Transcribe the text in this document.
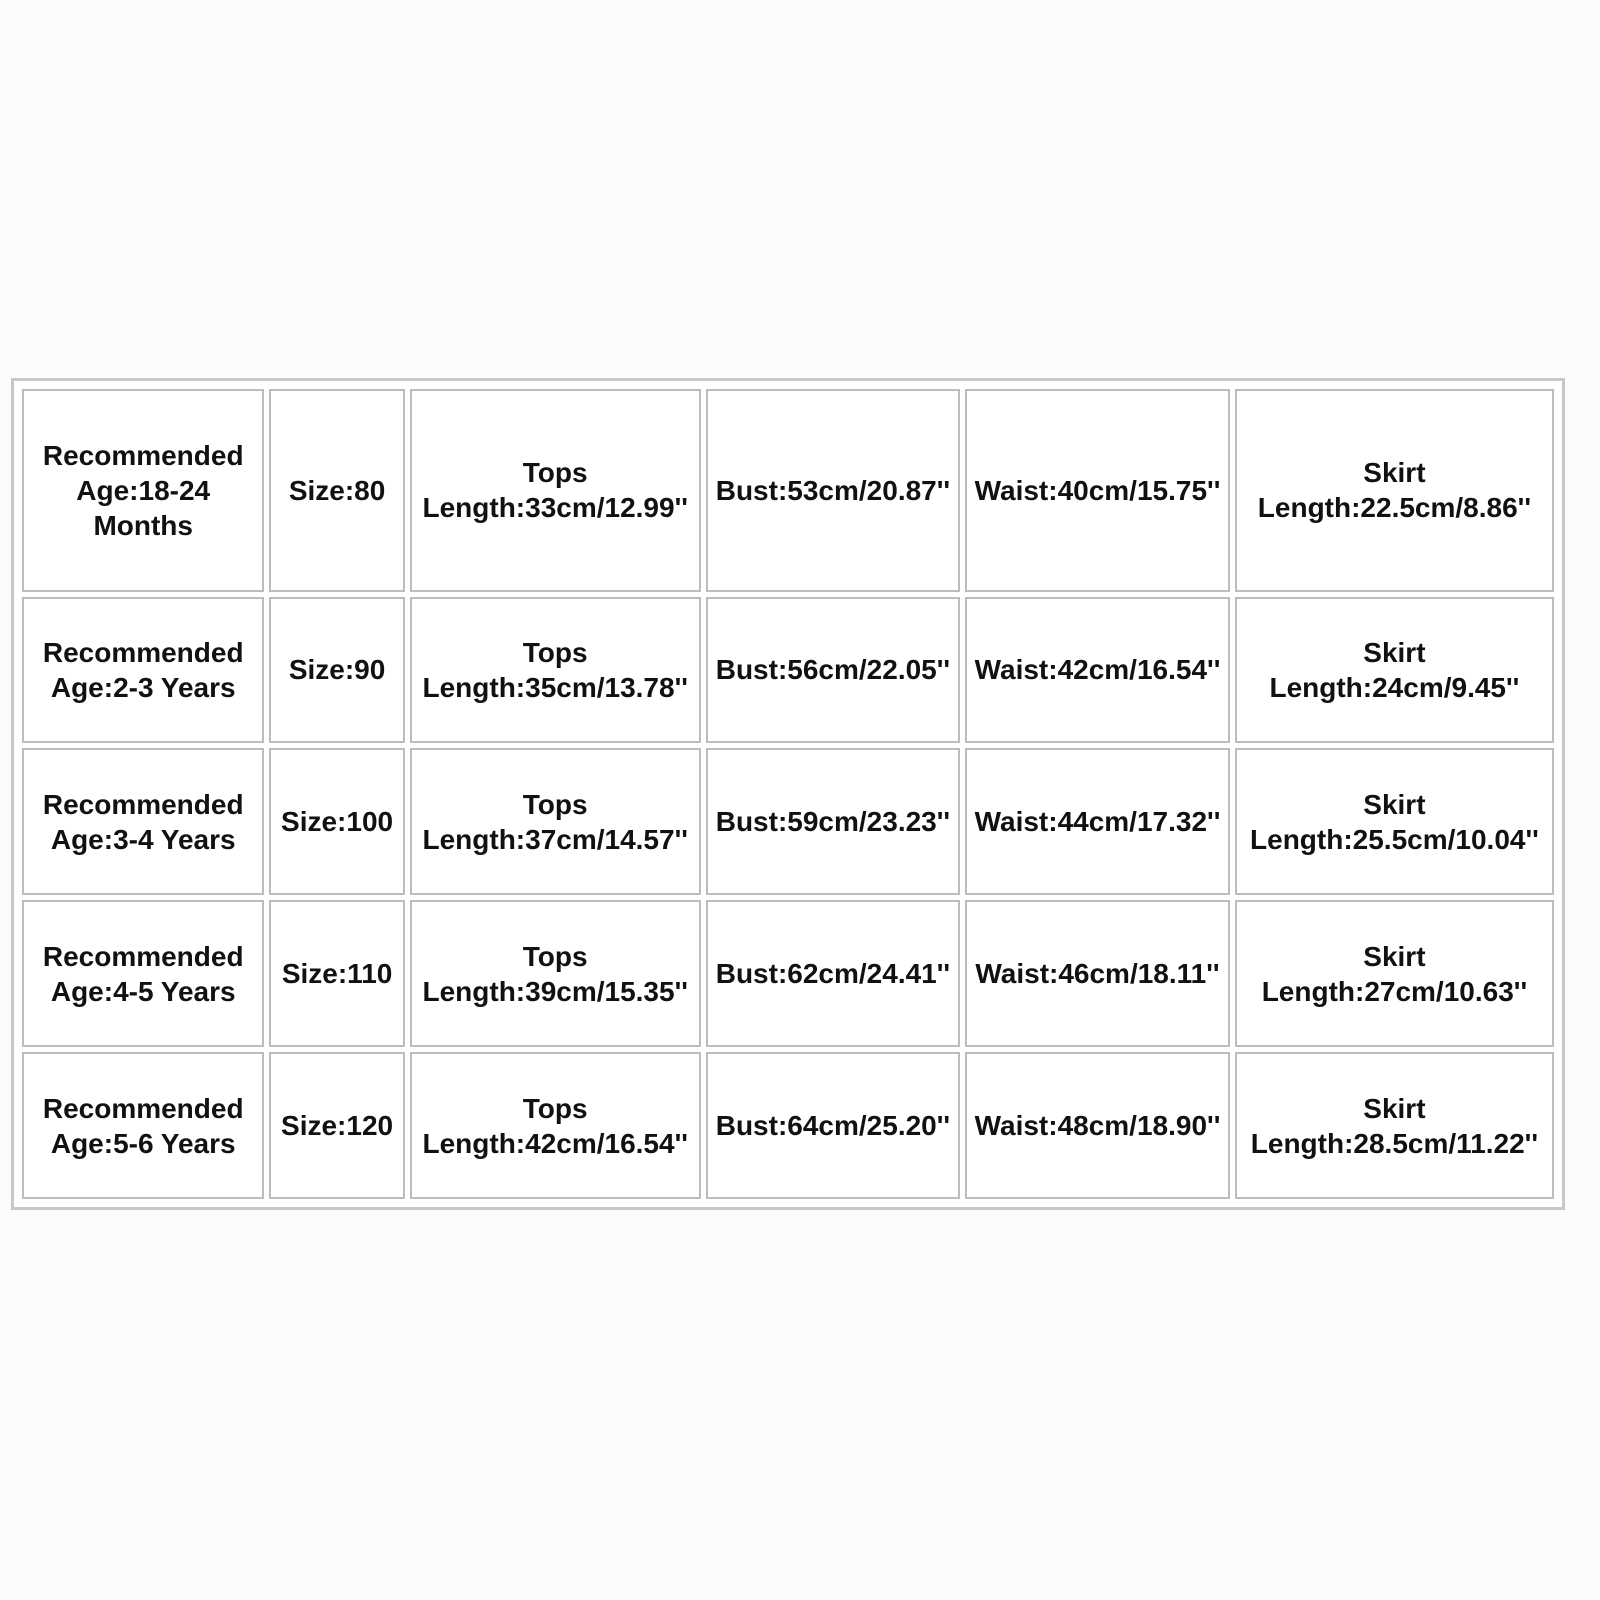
Recommended
Age:18-24
Months	Size:80	Tops
Length:33cm/12.99''	Bust:53cm/20.87''	Waist:40cm/15.75''	Skirt
Length:22.5cm/8.86''

Recommended
Age:2-3 Years	Size:90	Tops
Length:35cm/13.78''	Bust:56cm/22.05''	Waist:42cm/16.54''	Skirt
Length:24cm/9.45''

Recommended
Age:3-4 Years	Size:100	Tops
Length:37cm/14.57''	Bust:59cm/23.23''	Waist:44cm/17.32''	Skirt
Length:25.5cm/10.04''

Recommended
Age:4-5 Years	Size:110	Tops
Length:39cm/15.35''	Bust:62cm/24.41''	Waist:46cm/18.11''	Skirt
Length:27cm/10.63''

Recommended
Age:5-6 Years	Size:120	Tops
Length:42cm/16.54''	Bust:64cm/25.20''	Waist:48cm/18.90''	Skirt
Length:28.5cm/11.22''
